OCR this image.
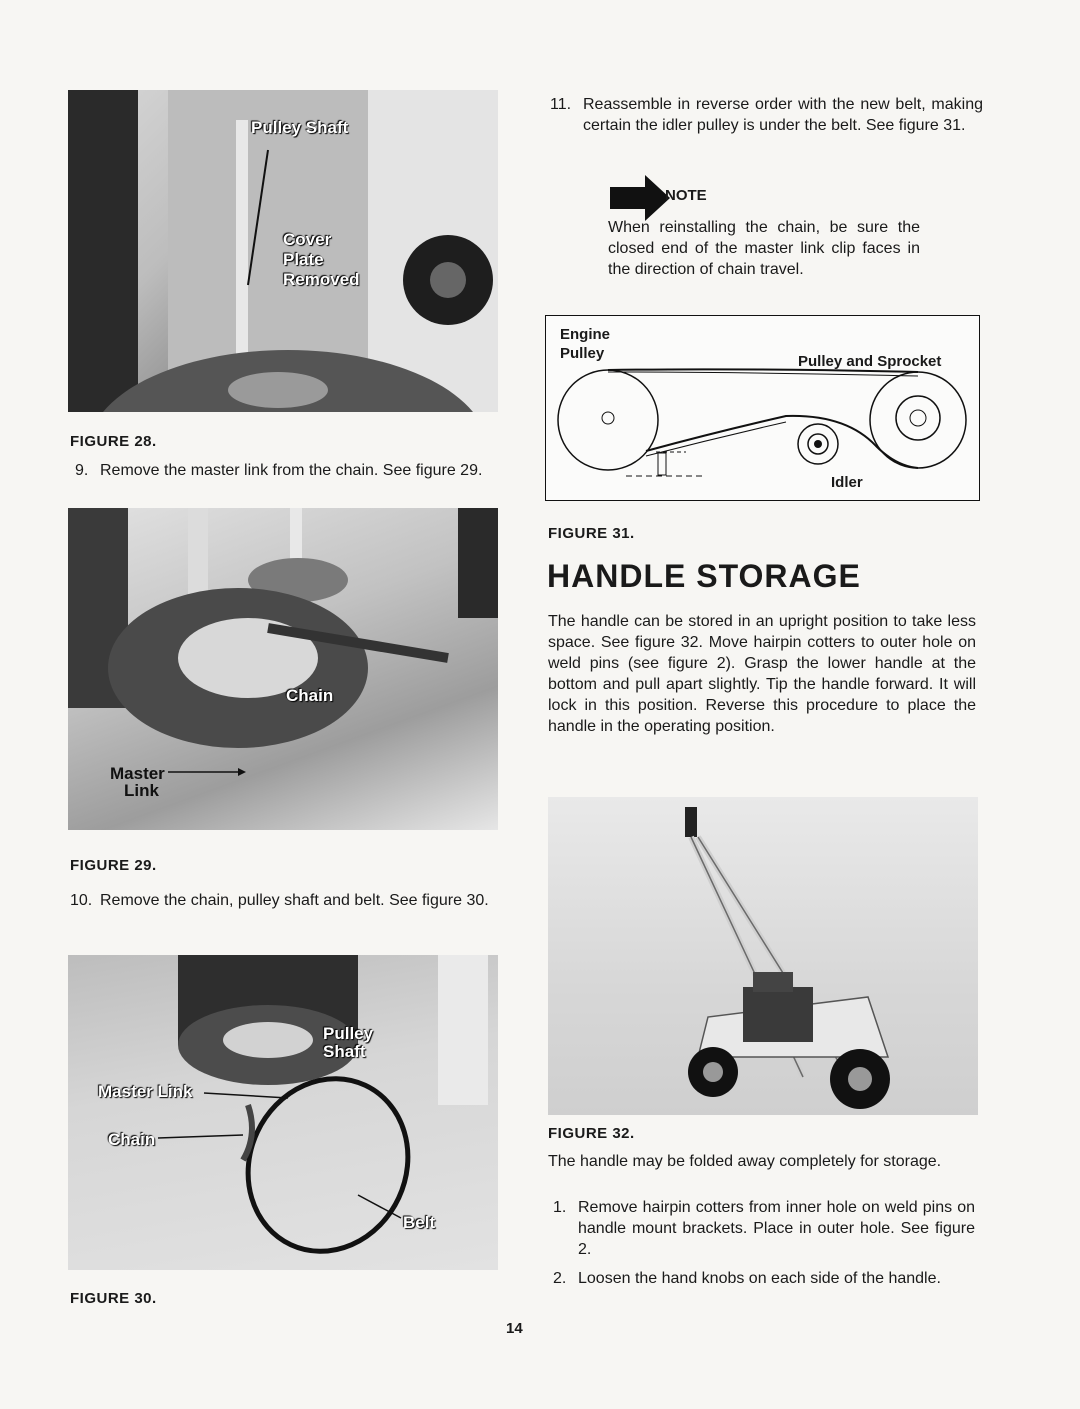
Pulley Shaft
Cover Plate Removed
FIGURE 28.
9. Remove the master link from the chain. See figure 29.
Chain
Master
Link
FIGURE 29.
10. Remove the chain, pulley shaft and belt. See figure 30.
Pulley Shaft
Master Link
Chain
Belt
FIGURE 30.
11. Reassemble in reverse order with the new belt, making certain the idler pulley is under the belt. See figure 31.
NOTE
When reinstalling the chain, be sure the closed end of the master link clip faces in the direction of chain travel.
Engine
Pulley	Pulley and Sprocket
Idler
FIGURE 31.
HANDLE STORAGE
The handle can be stored in an upright position to take less space. See figure 32. Move hairpin cotters to outer hole on weld pins (see figure 2). Grasp the lower handle at the bottom and pull apart slightly. Tip the handle forward. It will lock in this position. Reverse this procedure to place the handle in the operating position.
FIGURE 32.
The handle may be folded away completely for storage.
1. Remove hairpin cotters from inner hole on weld pins on handle mount brackets. Place in outer hole. See figure 2.
2. Loosen the hand knobs on each side of the handle.
14
